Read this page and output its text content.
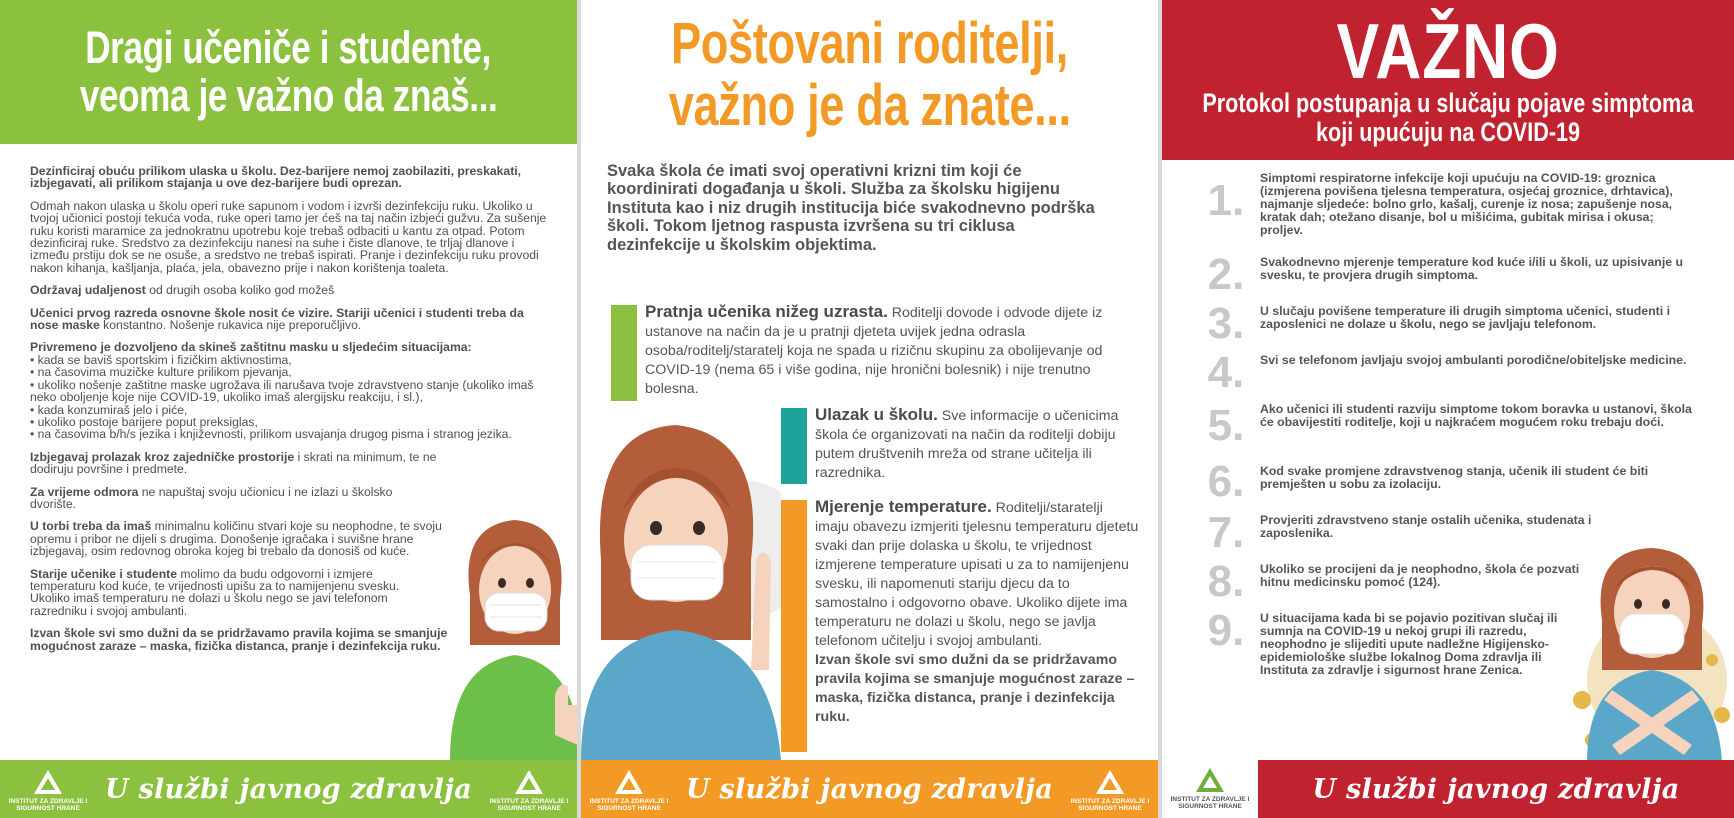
Dragi učeniče i studente,
veoma je važno da znaš...

Dezinficiraj obuću prilikom ulaska u školu. Dez-barijere nemoj zaobilaziti, preskakati, izbjegavati, ali prilikom stajanja u ove dez-barijere budi oprezan.

Odmah nakon ulaska u školu operi ruke sapunom i vodom i izvrši dezinfekciju ruku. Ukoliko u tvojoj učionici postoji tekuća voda, ruke operi tamo jer ćeš na taj način izbjeći gužvu. Za sušenje ruku koristi maramice za jednokratnu upotrebu koje trebaš odbaciti u kantu za otpad. Potom dezinficiraj ruke. Sredstvo za dezinfekciju nanesi na suhe i čiste dlanove, te trljaj dlanove i između prstiju dok se ne osuše, a sredstvo ne trebaš ispirati. Pranje i dezinfekciju ruku provodi nakon kihanja, kašljanja, plaća, jela, obavezno prije i nakon korištenja toaleta.

Održavaj udaljenost od drugih osoba koliko god možeš

Učenici prvog razreda osnovne škole nosit će vizire. Stariji učenici i studenti treba da nose maske konstantno. Nošenje rukavica nije preporučljivo.

Privremeno je dozvoljeno da skineš zaštitnu masku u sljedećim situacijama:
• kada se baviš sportskim i fizičkim aktivnostima,
• na časovima muzičke kulture prilikom pjevanja,
• ukoliko nošenje zaštitne maske ugrožava ili narušava tvoje zdravstveno stanje (ukoliko imaš neko oboljenje koje nije COVID-19, ukoliko imaš alergijsku reakciju, i sl.),
• kada konzumiraš jelo i piće,
• ukoliko postoje barijere poput preksiglas,
• na časovima b/h/s jezika i književnosti, prilikom usvajanja drugog pisma i stranog jezika.

Izbjegavaj prolazak kroz zajedničke prostorije i skrati na minimum, te ne dodiruju površine i predmete.

Za vrijeme odmora ne napuštaj svoju učionicu i ne izlazi u školsko dvorište.

U torbi treba da imaš minimalnu količinu stvari koje su neophodne, te svoju opremu i pribor ne dijeli s drugima. Donošenje igračaka i suvišne hrane izbjegavaj, osim redovnog obroka kojeg bi trebalo da donosiš od kuće.

Starije učenike i studente molimo da budu odgovorni i izmjere temperaturu kod kuće, te vrijednosti upišu za to namijenjenu svesku. Ukoliko imaš temperaturu ne dolazi u školu nego se javi telefonom razredniku i svojoj ambulanti.

Izvan škole svi smo dužni da se pridržavamo pravila kojima se smanjuje mogućnost zaraze – maska, fizička distanca, pranje i dezinfekcija ruku.

U službi javnog zdravlja
INSTITUT ZA ZDRAVLJE I SIGURNOST HRANE
INSTITUT ZA ZDRAVLJE I SIGURNOST HRANE
Poštovani roditelji,
važno je da znate...
Svaka škola će imati svoj operativni krizni tim koji će koordinirati događanja u školi. Služba za školsku higijenu Instituta kao i niz drugih institucija biće svakodnevno podrška školi. Tokom ljetnog raspusta izvršena su tri ciklusa dezinfekcije u školskim objektima.
Pratnja učenika nižeg uzrasta. Roditelji dovode i odvode dijete iz ustanove na način da je u pratnji djeteta uvijek jedna odrasla osoba/roditelj/staratelj koja ne spada u rizičnu skupinu za obolijevanje od COVID-19 (nema 65 i više godina, nije hronični bolesnik) i nije trenutno bolesna.
Ulazak u školu. Sve informacije o učenicima škola će organizovati na način da roditelji dobiju putem društvenih mreža od strane učitelja ili razrednika.
Mjerenje temperature. Roditelji/staratelji imaju obavezu izmjeriti tjelesnu temperaturu djetetu svaki dan prije dolaska u školu, te vrijednost izmjerene temperature upisati u za to namijenjenu svesku, ili napomenuti stariju djecu da to samostalno i odgovorno obave. Ukoliko dijete ima temperaturu ne dolazi u školu, nego se javlja telefonom učitelju i svojoj ambulanti.
Izvan škole svi smo dužni da se pridržavamo pravila kojima se smanjuje mogućnost zaraze – maska, fizička distanca, pranje i dezinfekcija ruku.
U službi javnog zdravlja
INSTITUT ZA ZDRAVLJE I SIGURNOST HRANE
INSTITUT ZA ZDRAVLJE I SIGURNOST HRANE
VAŽNO
Protokol postupanja u slučaju pojave simptoma
koji upućuju na COVID-19
1.	Simptomi respiratorne infekcije koji upućuju na COVID-19: groznica (izmjerena povišena tjelesna temperatura, osjećaj groznice, drhtavica), najmanje sljedeće: bolno grlo, kašalj, curenje iz nosa; zapušenje nosa, kratak dah; otežano disanje, bol u mišićima, gubitak mirisa i okusa; proljev.
2.	Svakodnevno mjerenje temperature kod kuće i/ili u školi, uz upisivanje u svesku, te provjera drugih simptoma.
3.	U slučaju povišene temperature ili drugih simptoma učenici, studenti i zaposlenici ne dolaze u školu, nego se javljaju telefonom.
4.	Svi se telefonom javljaju svojoj ambulanti porodične/obiteljske medicine.
5.	Ako učenici ili studenti razviju simptome tokom boravka u ustanovi, škola će obavijestiti roditelje, koji u najkraćem mogućem roku trebaju doći.
6.	Kod svake promjene zdravstvenog stanja, učenik ili student će biti premješten u sobu za izolaciju.
7.	Provjeriti zdravstveno stanje ostalih učenika, studenata i zaposlenika.
8.	Ukoliko se procijeni da je neophodno, škola će pozvati hitnu medicinsku pomoć (124).
9.	U situacijama kada bi se pojavio pozitivan slučaj ili sumnja na COVID-19 u nekoj grupi ili razredu, neophodno je slijediti upute nadležne Higijensko-epidemiološke službe lokalnog Doma zdravlja ili Instituta za zdravlje i sigurnost hrane Zenica.
INSTITUT ZA ZDRAVLJE I SIGURNOST HRANE
U službi javnog zdravlja
